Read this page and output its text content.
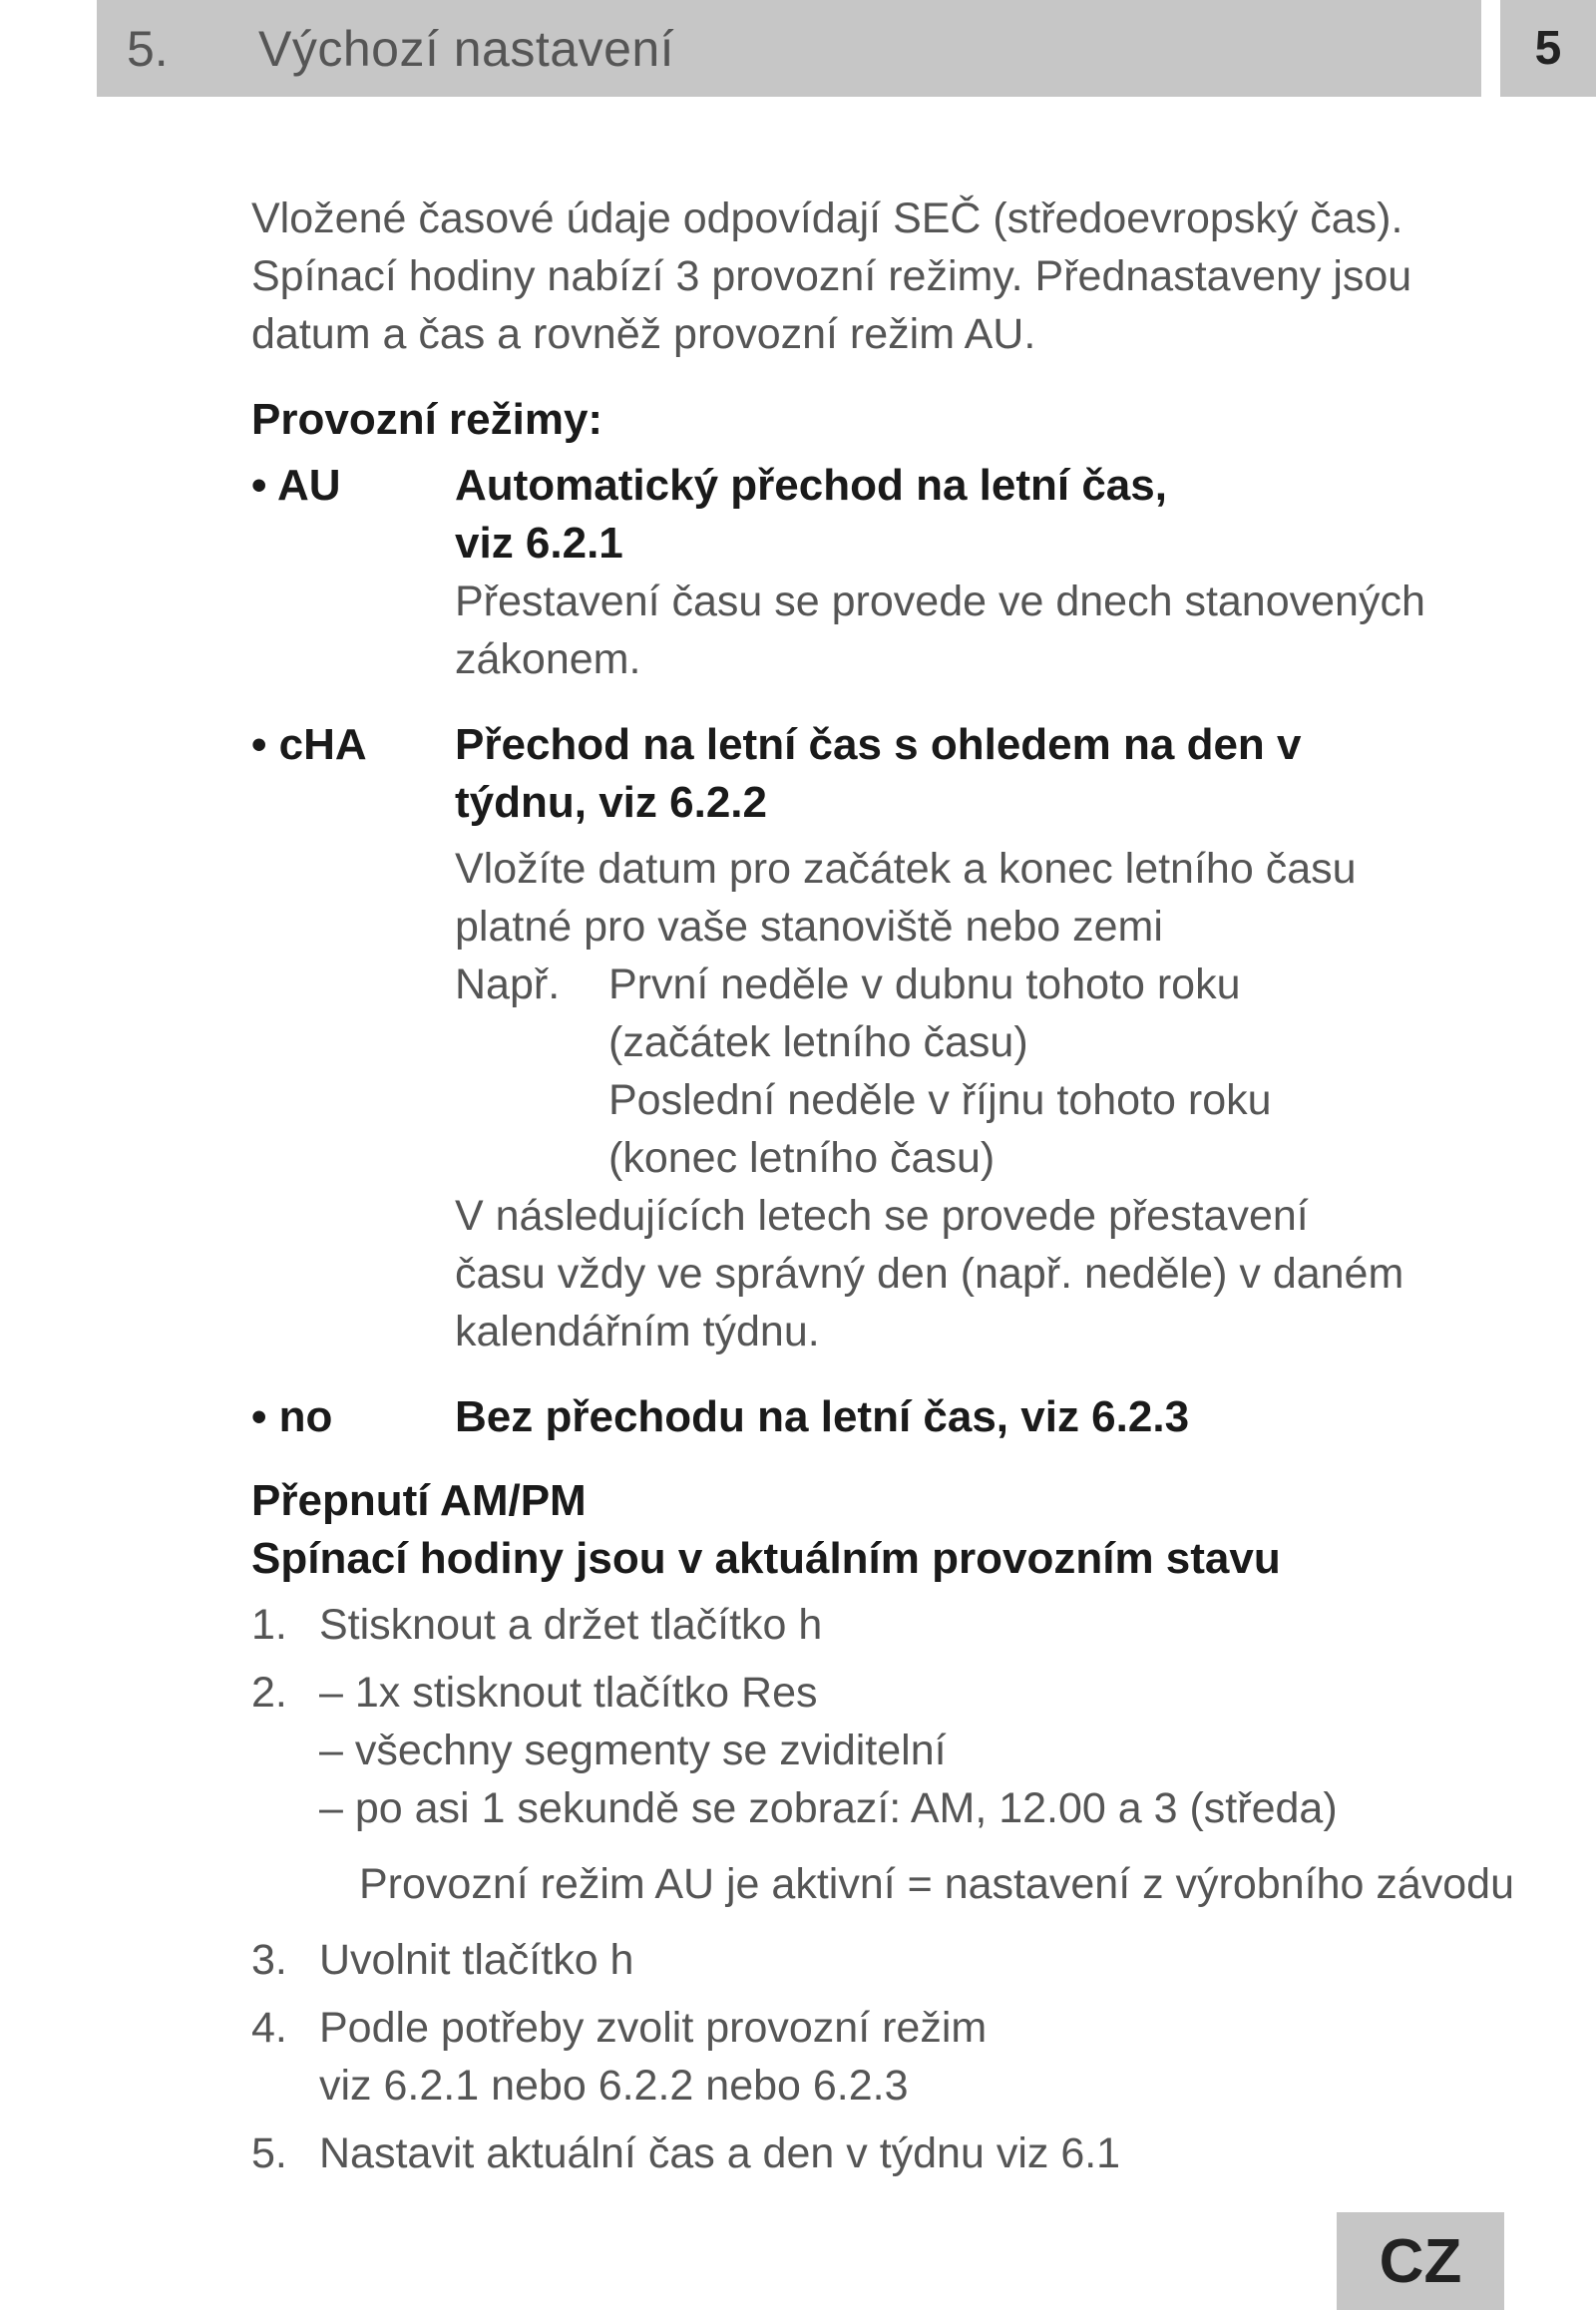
5.	Výchozí nastavení	5

Vložené časové údaje odpovídají SEČ (středoevropský čas).

Spínací hodiny nabízí 3 provozní režimy. Přednastaveny jsou

datum a čas a rovněž provozní režim AU.

Provozní režimy:

• AU	Automatický přechod na letní čas,
viz 6.2.1
Přestavení času se provede ve dnech stanovených
zákonem.
• cHA	Přechod na letní čas s ohledem na den v
týdnu, viz 6.2.2
Vložíte datum pro začátek a konec letního času
platné pro vaše stanoviště nebo zemi
Např.	První neděle v dubnu tohoto roku
(začátek letního času)
Poslední neděle v říjnu tohoto roku
(konec letního času)
V následujících letech se provede přestavení
času vždy ve správný den (např. neděle) v daném
kalendářním týdnu.
• no	Bez přechodu na letní čas, viz 6.2.3

Přepnutí AM/PM

Spínací hodiny jsou v aktuálním provozním stavu

1. Stisknout a držet tlačítko h
2. – 1x stisknout tlačítko Res
– všechny segmenty se zviditelní
– po asi 1 sekundě se zobrazí: AM, 12.00 a 3 (středa)
Provozní režim AU je aktivní = nastavení z výrobního závodu
3. Uvolnit tlačítko h
4. Podle potřeby zvolit provozní režim
viz 6.2.1 nebo 6.2.2 nebo 6.2.3
5. Nastavit aktuální čas a den v týdnu viz 6.1
CZ
